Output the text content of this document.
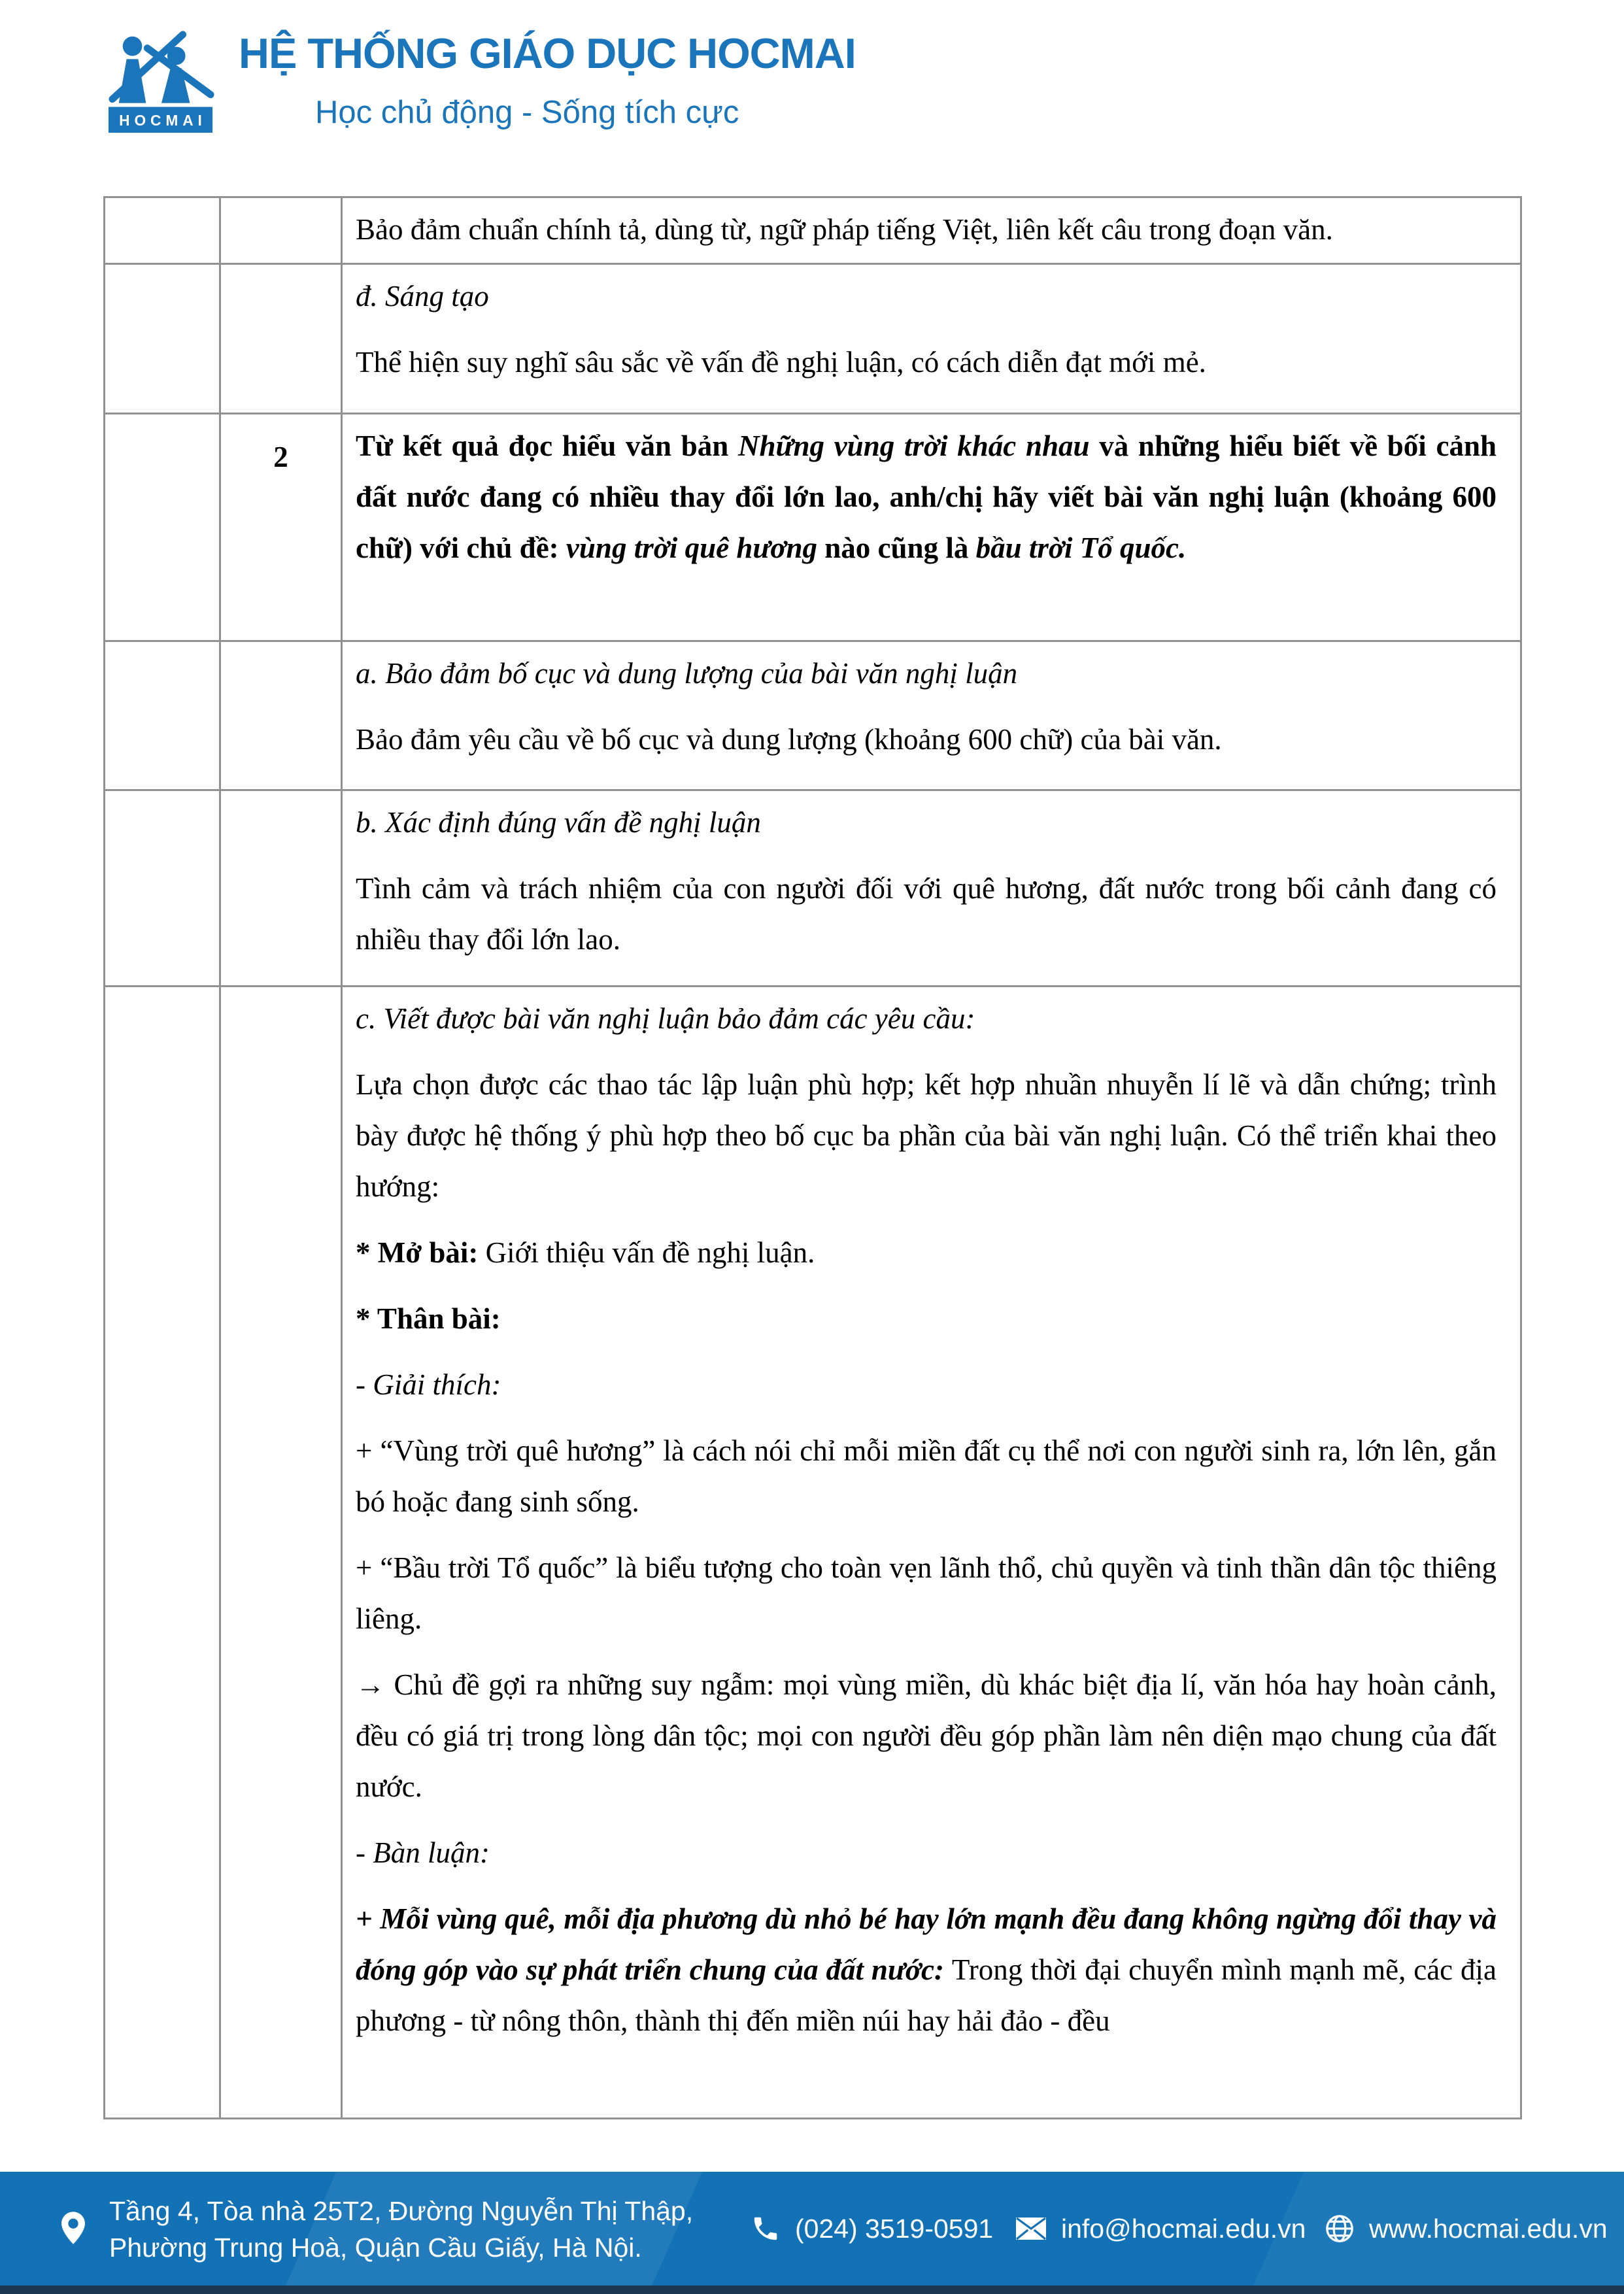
HOCMAI
HỆ THỐNG GIÁO DỤC HOCMAI
Học chủ động - Sống tích cực

Bảo đảm chuẩn chính tả, dùng từ, ngữ pháp tiếng Việt, liên kết câu trong đoạn văn.

đ. Sáng tạo

Thể hiện suy nghĩ sâu sắc về vấn đề nghị luận, có cách diễn đạt mới mẻ.

2	Từ kết quả đọc hiểu văn bản Những vùng trời khác nhau và những hiểu biết về bối cảnh đất nước đang có nhiều thay đổi lớn lao, anh/chị hãy viết bài văn nghị luận (khoảng 600 chữ) với chủ đề: vùng trời quê hương nào cũng là bầu trời Tổ quốc.

a. Bảo đảm bố cục và dung lượng của bài văn nghị luận

Bảo đảm yêu cầu về bố cục và dung lượng (khoảng 600 chữ) của bài văn.

b. Xác định đúng vấn đề nghị luận

Tình cảm và trách nhiệm của con người đối với quê hương, đất nước trong bối cảnh đang có nhiều thay đổi lớn lao.

c. Viết được bài văn nghị luận bảo đảm các yêu cầu:

Lựa chọn được các thao tác lập luận phù hợp; kết hợp nhuần nhuyễn lí lẽ và dẫn chứng; trình bày được hệ thống ý phù hợp theo bố cục ba phần của bài văn nghị luận. Có thể triển khai theo hướng:

* Mở bài: Giới thiệu vấn đề nghị luận.

* Thân bài:

- Giải thích:

+ “Vùng trời quê hương” là cách nói chỉ mỗi miền đất cụ thể nơi con người sinh ra, lớn lên, gắn bó hoặc đang sinh sống.

+ “Bầu trời Tổ quốc” là biểu tượng cho toàn vẹn lãnh thổ, chủ quyền và tinh thần dân tộc thiêng liêng.

→ Chủ đề gợi ra những suy ngẫm: mọi vùng miền, dù khác biệt địa lí, văn hóa hay hoàn cảnh, đều có giá trị trong lòng dân tộc; mọi con người đều góp phần làm nên diện mạo chung của đất nước.

- Bàn luận:

+ Mỗi vùng quê, mỗi địa phương dù nhỏ bé hay lớn mạnh đều đang không ngừng đổi thay và đóng góp vào sự phát triển chung của đất nước: Trong thời đại chuyển mình mạnh mẽ, các địa phương - từ nông thôn, thành thị đến miền núi hay hải đảo - đều

Tầng 4, Tòa nhà 25T2, Đường Nguyễn Thị Thập,
Phường Trung Hoà, Quận Cầu Giấy, Hà Nội.
(024) 3519-0591	info@hocmai.edu.vn www.hocmai.edu.vn
